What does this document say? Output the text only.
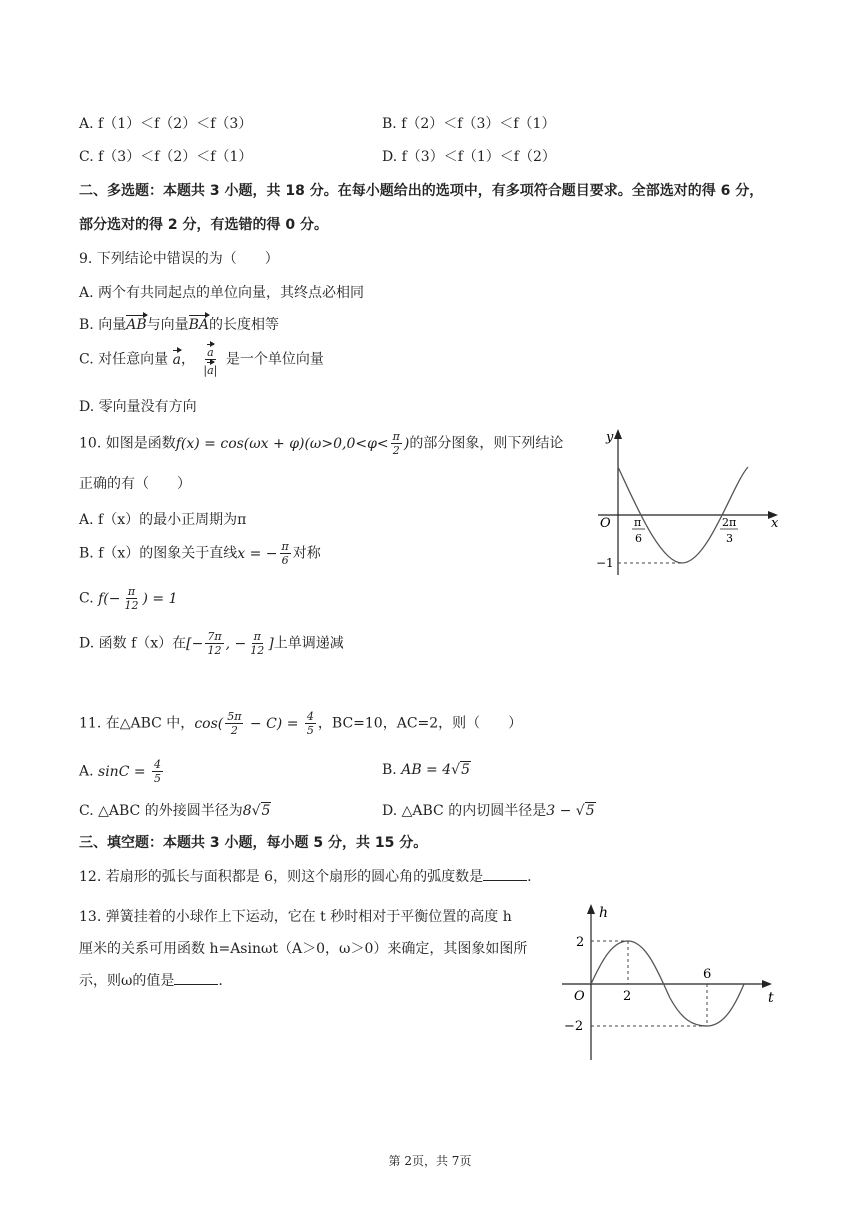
A. f（1）＜f（2）＜f（3）	B. f（2）＜f（3）＜f（1）
C. f（3）＜f（2）＜f（1）	D. f（3）＜f（1）＜f（2）
二、多选题：本题共 3 小题，共 18 分。在每小题给出的选项中，有多项符合题目要求。全部选对的得 6 分，
部分选对的得 2 分，有选错的得 0 分。
9. 下列结论中错误的为（　　）
A. 两个有共同起点的单位向量，其终点必相同
B. 向量AB与向量BA的长度相等
C. 对任意向量 a， $\frac{a}{|a|}$ 是一个单位向量
D. 零向量没有方向
10. 如图是函数$f(x) = \cos(\omega x + \varphi)(\omega>0,0<\varphi< \frac{\pi}{2}$ )的部分图象，则下列结论
正确的有（　　）
A. f（x）的最小正周期为π
B. f（x）的图象关于直线x = − $\frac{\pi}{6}$ 对称
C. $f(- \frac{\pi}{12}$ ) = 1
D. 函数 f（x）在[− $\frac{7\pi}{12}$ , − $\frac{\pi}{12}$ ]上单调递减
y
x
O
−1
π
6
2π
3
11. 在△ABC 中，$\cos( \frac{5\pi}{2} - C) = \frac{4}{5}$ ，BC=10，AC=2，则（　　）
A. $\sin C = \frac{4}{5}$	B. AB = 4√5
C. △ABC 的外接圆半径为8√5	D. △ABC 的内切圆半径是3 − √5
三、填空题：本题共 3 小题，每小题 5 分，共 15 分。
12. 若扇形的弧长与面积都是 6，则这个扇形的圆心角的弧度数是	.
13. 弹簧挂着的小球作上下运动，它在 t 秒时相对于平衡位置的高度 h
厘米的关系可用函数 h=Asinωt（A＞0，ω＞0）来确定，其图象如图所
示，则ω的值是	.
h
t
O
2
−2
2
6
第 2页，共 7页
